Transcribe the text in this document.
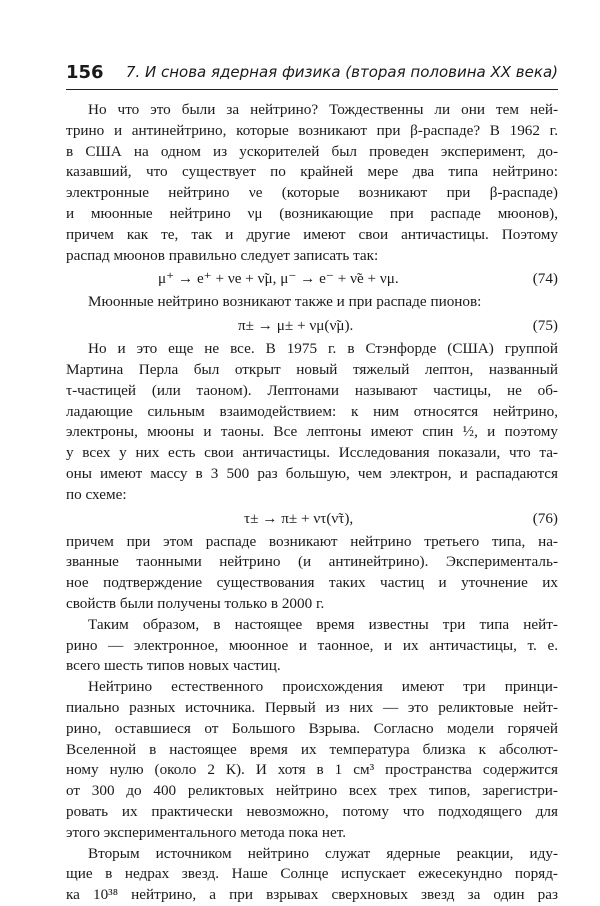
156 7. И снова ядерная физика (вторая половина XX века)
Но что это были за нейтрино? Тождественны ли они тем ней-
трино и антинейтрино, которые возникают при β-распаде? В 1962 г.
в США на одном из ускорителей был проведен эксперимент, до-
казавший, что существует по крайней мере два типа нейтрино:
электронные нейтрино νe (которые возникают при β-распаде)
и мюонные нейтрино νμ (возникающие при распаде мюонов),
причем как те, так и другие имеют свои античастицы. Поэтому
распад мюонов правильно следует записать так:
μ⁺ → e⁺ + νe + ν̃μ, μ⁻ → e⁻ + ν̃e + νμ.	(74)
Мюонные нейтрино возникают также и при распаде пионов:
π± → μ± + νμ(ν̃μ).	(75)
Но и это еще не все. В 1975 г. в Стэнфорде (США) группой
Мартина Перла был открыт новый тяжелый лептон, названный
τ-частицей (или таоном). Лептонами называют частицы, не об-
ладающие сильным взаимодействием: к ним относятся нейтрино,
электроны, мюоны и таоны. Все лептоны имеют спин ½, и поэтому
у всех у них есть свои античастицы. Исследования показали, что та-
оны имеют массу в 3 500 раз большую, чем электрон, и распадаются
по схеме:
τ± → π± + ντ(ν̃τ),	(76)
причем при этом распаде возникают нейтрино третьего типа, на-
званные таонными нейтрино (и антинейтрино). Эксперименталь-
ное подтверждение существования таких частиц и уточнение их
свойств были получены только в 2000 г.
Таким образом, в настоящее время известны три типа нейт-
рино — электронное, мюонное и таонное, и их античастицы, т. е.
всего шесть типов новых частиц.
Нейтрино естественного происхождения имеют три принци-
пиально разных источника. Первый из них — это реликтовые нейт-
рино, оставшиеся от Большого Взрыва. Согласно модели горячей
Вселенной в настоящее время их температура близка к абсолют-
ному нулю (около 2 К). И хотя в 1 см³ пространства содержится
от 300 до 400 реликтовых нейтрино всех трех типов, зарегистри-
ровать их практически невозможно, потому что подходящего для
этого экспериментального метода пока нет.
Вторым источником нейтрино служат ядерные реакции, иду-
щие в недрах звезд. Наше Солнце испускает ежесекундно поряд-
ка 10³⁸ нейтрино, а при взрывах сверхновых звезд за один раз
